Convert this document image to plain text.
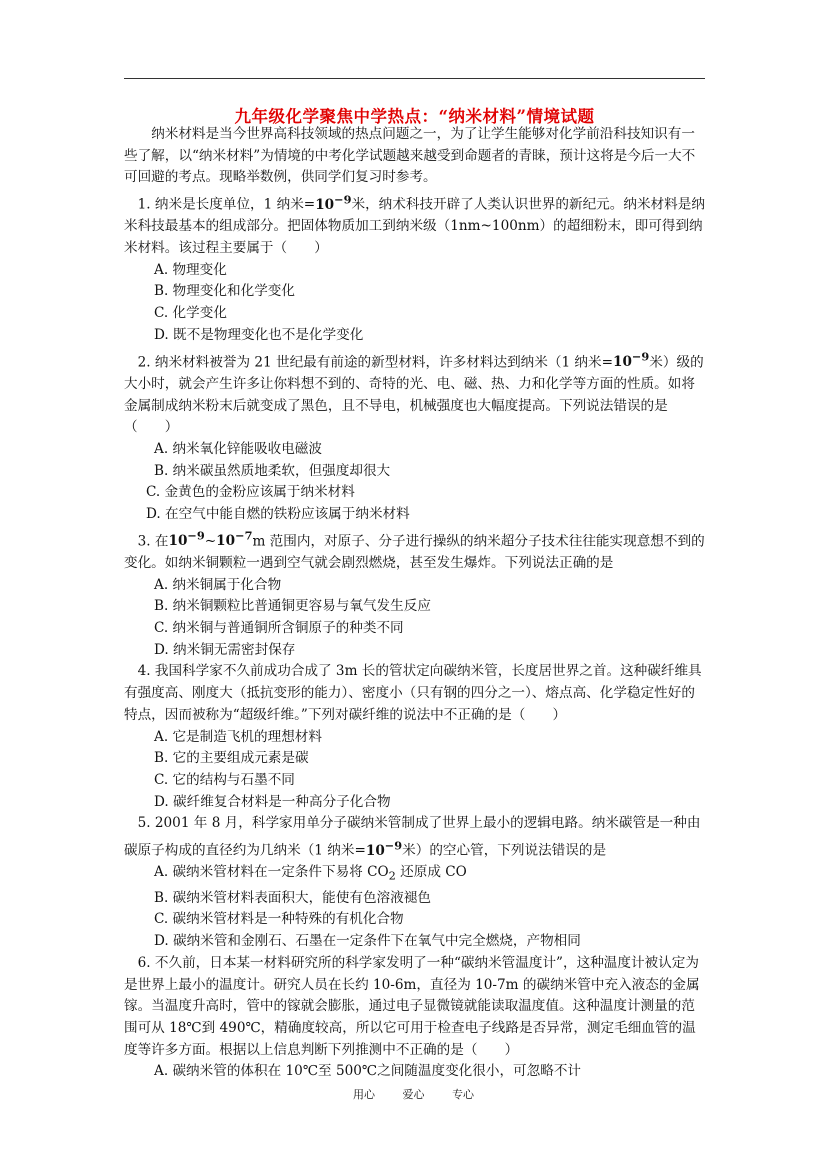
九年级化学聚焦中学热点：“纳米材料”情境试题

纳米材料是当今世界高科技领域的热点问题之一，为了让学生能够对化学前沿科技知识有一些了解，以“纳米材料”为情境的中考化学试题越来越受到命题者的青睐，预计这将是今后一大不可回避的考点。现略举数例，供同学们复习时参考。

1. 纳米是长度单位，1 纳米$=10^{-9}$米，纳术科技开辟了人类认识世界的新纪元。纳米材料是纳米科技最基本的组成部分。把固体物质加工到纳米级（1nm~100nm）的超细粉末，即可得到纳米材料。该过程主要属于（　　）

A. 物理变化

B. 物理变化和化学变化

C. 化学变化

D. 既不是物理变化也不是化学变化

2. 纳米材料被誉为 21 世纪最有前途的新型材料，许多材料达到纳米（1 纳米$=10^{-9}$米）级的大小时，就会产生许多让你料想不到的、奇特的光、电、磁、热、力和化学等方面的性质。如将金属制成纳米粉末后就变成了黑色，且不导电，机械强度也大幅度提高。下列说法错误的是（　　）

A. 纳米氧化锌能吸收电磁波

B. 纳米碳虽然质地柔软，但强度却很大

C. 金黄色的金粉应该属于纳米材料

D. 在空气中能自燃的铁粉应该属于纳米材料

3. 在$10^{-9}\sim 10^{-7}m$ 范围内，对原子、分子进行操纵的纳米超分子技术往往能实现意想不到的变化。如纳米铜颗粒一遇到空气就会剧烈燃烧，甚至发生爆炸。下列说法正确的是

A. 纳米铜属于化合物

B. 纳米铜颗粒比普通铜更容易与氧气发生反应

C. 纳米铜与普通铜所含铜原子的种类不同

D. 纳米铜无需密封保存

4. 我国科学家不久前成功合成了 3m 长的管状定向碳纳米管，长度居世界之首。这种碳纤维具有强度高、刚度大（抵抗变形的能力）、密度小（只有钢的四分之一）、熔点高、化学稳定性好的特点，因而被称为“超级纤维。”下列对碳纤维的说法中不正确的是（　　）

A. 它是制造飞机的理想材料

B. 它的主要组成元素是碳

C. 它的结构与石墨不同

D. 碳纤维复合材料是一种高分子化合物

5. 2001 年 8 月，科学家用单分子碳纳米管制成了世界上最小的逻辑电路。纳米碳管是一种由碳原子构成的直径约为几纳米（1 纳米$=10^{-9}$米）的空心管，下列说法错误的是

A. 碳纳米管材料在一定条件下易将 $CO_2$ 还原成 CO

B. 碳纳米管材料表面积大，能使有色溶液褪色

C. 碳纳米管材料是一种特殊的有机化合物

D. 碳纳米管和金刚石、石墨在一定条件下在氧气中完全燃烧，产物相同

6. 不久前，日本某一材料研究所的科学家发明了一种“碳纳米管温度计”，这种温度计被认定为是世界上最小的温度计。研究人员在长约 10-6m，直径为 10-7m 的碳纳米管中充入液态的金属镓。当温度升高时，管中的镓就会膨胀，通过电子显微镜就能读取温度值。这种温度计测量的范围可从 18℃到 490℃，精确度较高，所以它可用于检查电子线路是否异常，测定毛细血管的温度等许多方面。根据以上信息判断下列推测中不正确的是（　　）

A. 碳纳米管的体积在 10℃至 500℃之间随温度变化很小，可忽略不计

用心	爱心	专心
